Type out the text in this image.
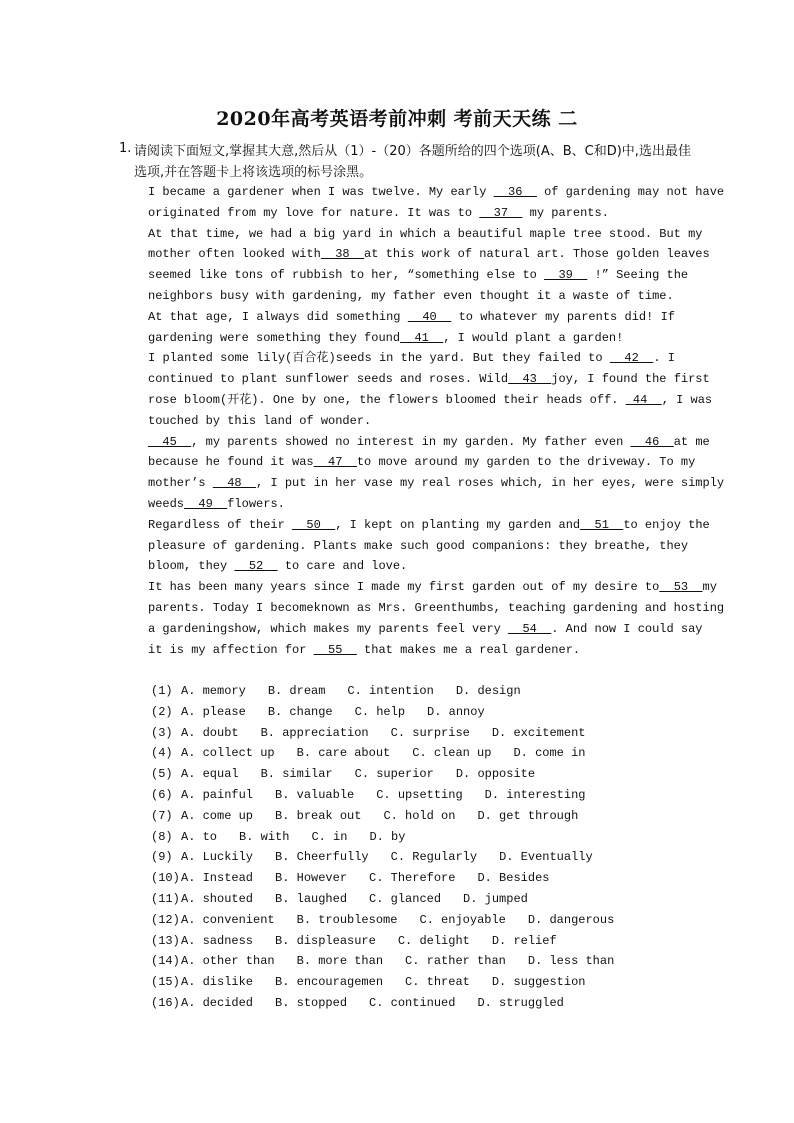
2020年高考英语考前冲刺 考前天天练 二
1. 请阅读下面短文,掌握其大意,然后从（1）-（20）各题所给的四个选项(A、B、C和D)中,选出最佳选项,并在答题卡上将该选项的标号涂黑。
I became a gardener when I was twelve. My early   36   of gardening may not have
originated from my love for nature. It was to   37   my parents.
At that time, we had a big yard in which a beautiful maple tree stood. But my
mother often looked with  38  at this work of natural art. Those golden leaves
seemed like tons of rubbish to her, “something else to   39   !” Seeing the
neighbors busy with gardening, my father even thought it a waste of time.
At that age, I always did something   40   to whatever my parents did! If
gardening were something they found  41  , I would plant a garden!
I planted some lily(百合花)seeds in the yard. But they failed to   42  . I
continued to plant sunflower seeds and roses. Wild  43  joy, I found the first
rose bloom(开花). One by one, the flowers bloomed their heads off.  44  , I was
touched by this land of wonder.
45  , my parents showed no interest in my garden. My father even   46  at me
because he found it was  47  to move around my garden to the driveway. To my
mother’s   48  , I put in her vase my real roses which, in her eyes, were simply
weeds  49  flowers.
Regardless of their   50  , I kept on planting my garden and  51  to enjoy the
pleasure of gardening. Plants make such good companions: they breathe, they
bloom, they   52   to care and love.
It has been many years since I made my first garden out of my desire to  53  my
parents. Today I becomeknown as Mrs. Greenthumbs, teaching gardening and hosting
a gardeningshow, which makes my parents feel very   54  . And now I could say
it is my affection for   55   that makes me a real gardener.
(1) A. memory B. dream C. intention D. design
(2) A. please B. change C. help D. annoy
(3) A. doubt B. appreciation C. surprise D. excitement
(4) A. collect up B. care about C. clean up D. come in
(5) A. equal B. similar C. superior D. opposite
(6) A. painful B. valuable C. upsetting D. interesting
(7) A. come up B. break out C. hold on D. get through
(8) A. to B. with C. in D. by
(9) A. Luckily B. Cheerfully C. Regularly D. Eventually
(10)A. Instead B. However C. Therefore D. Besides
(11)A. shouted B. laughed C. glanced D. jumped
(12)A. convenient B. troublesome C. enjoyable D. dangerous
(13)A. sadness B. displeasure C. delight D. relief
(14)A. other than B. more than C. rather than D. less than
(15)A. dislike B. encouragemen C. threat D. suggestion
(16)A. decided B. stopped C. continued D. struggled
